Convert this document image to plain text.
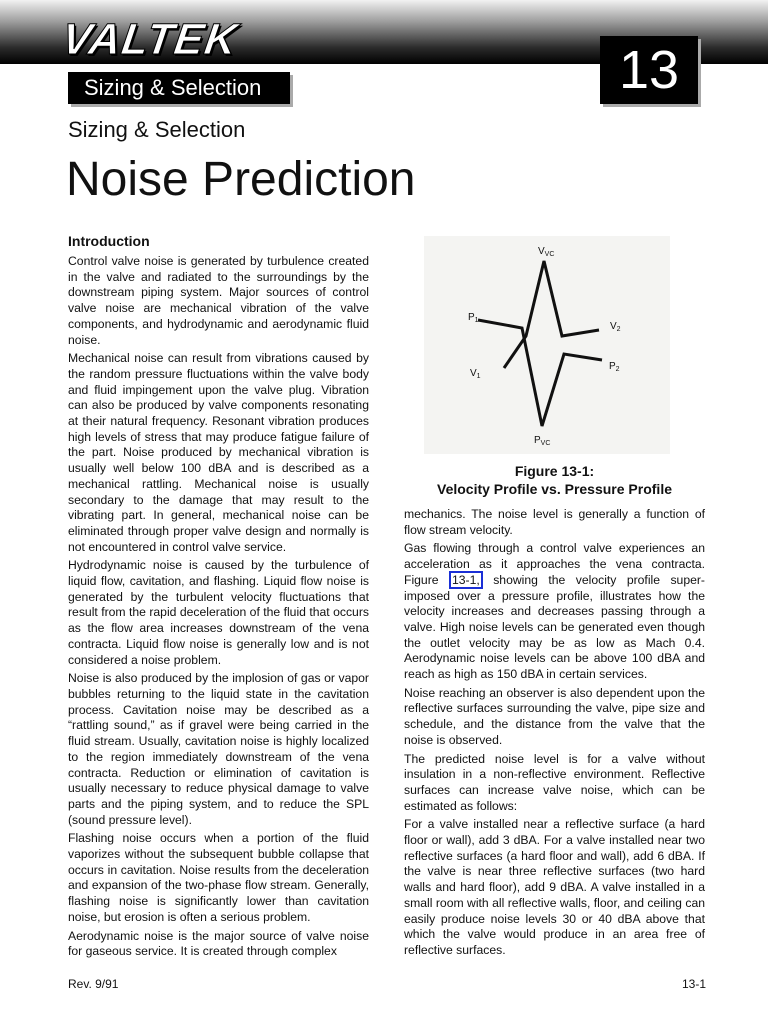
VALTEK
13
Sizing & Selection
Sizing & Selection
Noise Prediction
Introduction

Control valve noise is generated by turbulence created in the valve and radiated to the surroundings by the downstream piping system. Major sources of control valve noise are mechanical vibration of the valve components, and hydrodynamic and aerodynamic fluid noise.

Mechanical noise can result from vibrations caused by the random pressure fluctuations within the valve body and fluid impingement upon the valve plug. Vibration can also be produced by valve components resonating at their natural frequency. Resonant vibration produces high levels of stress that may produce fatigue failure of the part. Noise produced by mechanical vibration is usually well below 100 dBA and is described as a mechanical rattling. Mechanical noise is usually secondary to the damage that may result to the vibrating part. In general, mechanical noise can be eliminated through proper valve design and normally is not encountered in control valve service.

Hydrodynamic noise is caused by the turbulence of liquid flow, cavitation, and flashing. Liquid flow noise is generated by the turbulent velocity fluctuations that result from the rapid deceleration of the fluid that occurs as the flow area increases downstream of the vena contracta. Liquid flow noise is generally low and is not considered a noise problem.

Noise is also produced by the implosion of gas or vapor bubbles returning to the liquid state in the cavitation process. Cavitation noise may be described as a “rattling sound,” as if gravel were being carried in the fluid stream. Usually, cavitation noise is highly localized to the region immediately downstream of the vena contracta. Reduction or elimination of cavitation is usually necessary to reduce physical damage to valve parts and the piping system, and to reduce the SPL (sound pressure level).

Flashing noise occurs when a portion of the fluid vaporizes without the subsequent bubble collapse that occurs in cavitation. Noise results from the deceleration and expansion of the two-phase flow stream. Generally, flashing noise is significantly lower than cavitation noise, but erosion is often a serious problem.

Aerodynamic noise is the major source of valve noise for gaseous service. It is created through complex

$V_{VC}$
$P_1$
$V_2$
$P_2$
$V_1$
$P_{VC}$
Figure 13-1:
Velocity Profile vs. Pressure Profile

mechanics. The noise level is generally a function of flow stream velocity.

Gas flowing through a control valve experiences an acceleration as it approaches the vena contracta. Figure 13-1, showing the velocity profile super-imposed over a pressure profile, illustrates how the velocity increases and decreases passing through a valve. High noise levels can be generated even though the outlet velocity may be as low as Mach 0.4. Aerodynamic noise levels can be above 100 dBA and reach as high as 150 dBA in certain services.

Noise reaching an observer is also dependent upon the reflective surfaces surrounding the valve, pipe size and schedule, and the distance from the valve that the noise is observed.

The predicted noise level is for a valve without insulation in a non-reflective environment. Reflective surfaces can increase valve noise, which can be estimated as follows:

For a valve installed near a reflective surface (a hard floor or wall), add 3 dBA. For a valve installed near two reflective surfaces (a hard floor and wall), add 6 dBA. If the valve is near three reflective surfaces (two hard walls and hard floor), add 9 dBA. A valve installed in a small room with all reflective walls, floor, and ceiling can easily produce noise levels 30 or 40 dBA above that which the valve would produce in an area free of reflective surfaces.

Rev. 9/91	13-1
